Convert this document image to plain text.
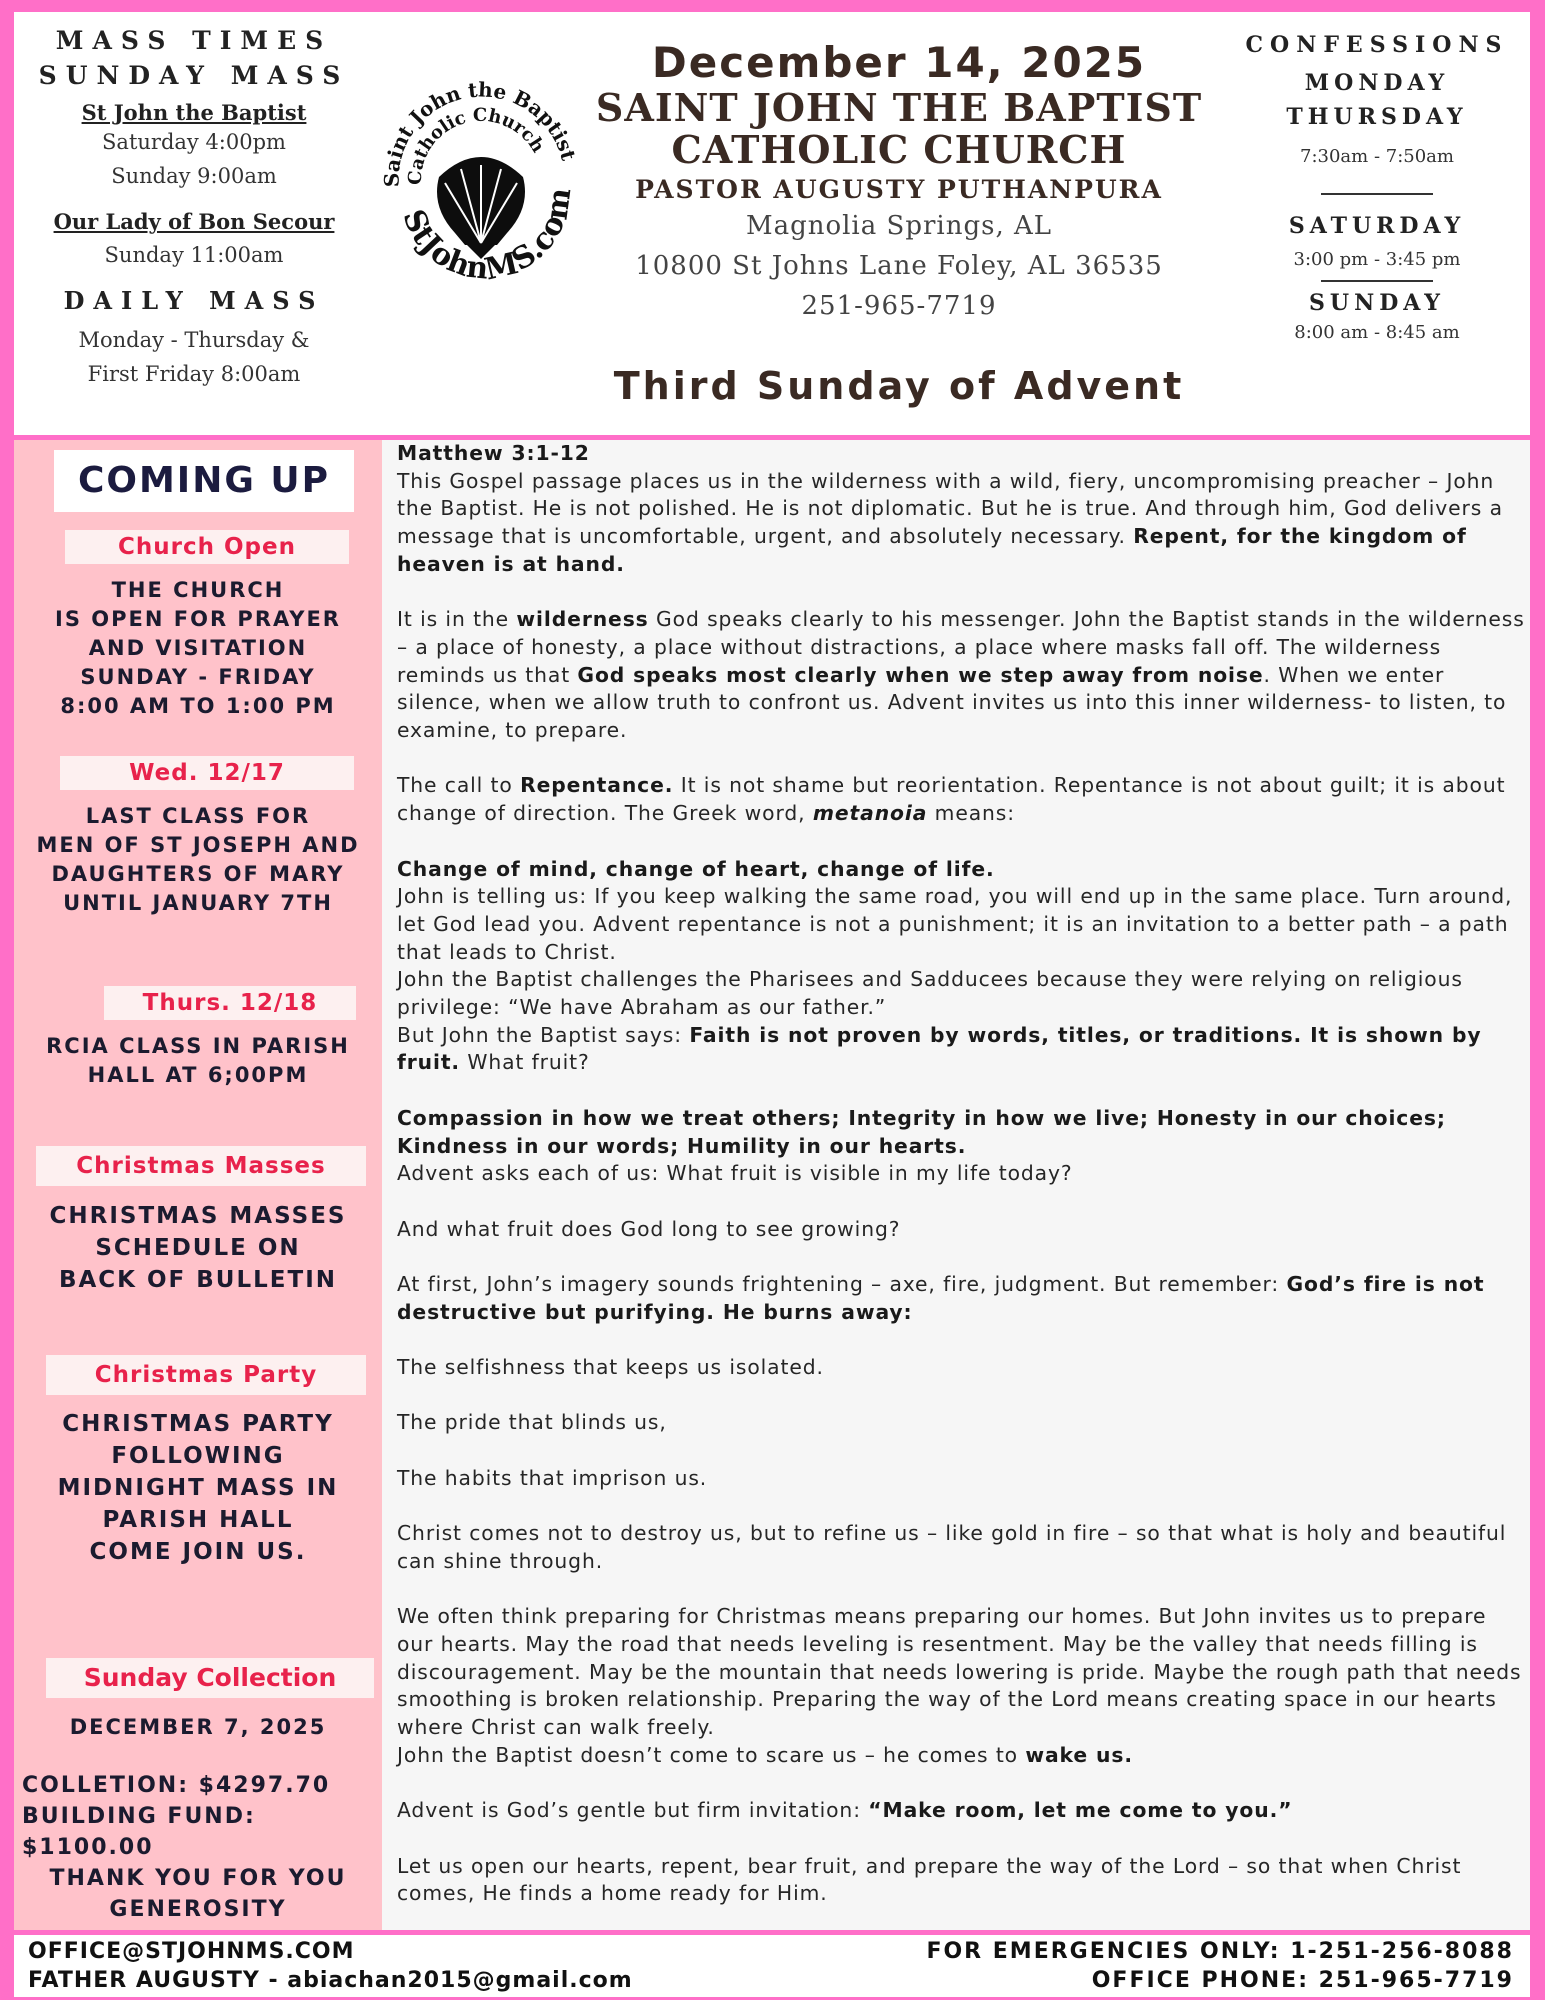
MASS TIMES
SUNDAY MASS
St John the Baptist
Saturday 4:00pm
Sunday 9:00am
Our Lady of Bon Secour
Sunday 11:00am
DAILY MASS
Monday - Thursday &
First Friday 8:00am
Saint John the Baptist
Catholic Church
StJohnMS.com
December 14, 2025
SAINT JOHN THE BAPTIST
CATHOLIC CHURCH
PASTOR AUGUSTY PUTHANPURA
Magnolia Springs, AL
10800 St Johns Lane Foley, AL 36535
251-965-7719
Third Sunday of Advent
CONFESSIONS
MONDAY
THURSDAY
7:30am - 7:50am
SATURDAY
3:00 pm - 3:45 pm
SUNDAY
8:00 am - 8:45 am
COMING UP
Church Open
THE CHURCH
IS OPEN FOR PRAYER
AND VISITATION
SUNDAY - FRIDAY
8:00 AM TO 1:00 PM
Wed. 12/17
LAST CLASS FOR
MEN OF ST JOSEPH AND
DAUGHTERS OF MARY
UNTIL JANUARY 7TH
Thurs. 12/18
RCIA CLASS IN PARISH
HALL AT 6;00PM
Christmas Masses
CHRISTMAS MASSES
SCHEDULE ON
BACK OF BULLETIN
Christmas Party
CHRISTMAS PARTY
FOLLOWING
MIDNIGHT MASS IN
PARISH HALL
COME JOIN US.
Sunday Collection
DECEMBER 7, 2025
COLLETION: $4297.70
BUILDING FUND: $1100.00
THANK YOU FOR YOU
GENEROSITY

Matthew 3:1-12

This Gospel passage places us in the wilderness with a wild, fiery, uncompromising preacher – John the Baptist. He is not polished. He is not diplomatic. But he is true. And through him, God delivers a message that is uncomfortable, urgent, and absolutely necessary. Repent, for the kingdom of heaven is at hand.

It is in the wilderness God speaks clearly to his messenger. John the Baptist stands in the wilderness – a place of honesty, a place without distractions, a place where masks fall off. The wilderness reminds us that God speaks most clearly when we step away from noise. When we enter silence, when we allow truth to confront us. Advent invites us into this inner wilderness- to listen, to examine, to prepare.

The call to Repentance. It is not shame but reorientation. Repentance is not about guilt; it is about change of direction. The Greek word, metanoia means:

Change of mind, change of heart, change of life.

John is telling us: If you keep walking the same road, you will end up in the same place. Turn around, let God lead you. Advent repentance is not a punishment; it is an invitation to a better path – a path that leads to Christ.

John the Baptist challenges the Pharisees and Sadducees because they were relying on religious privilege: “We have Abraham as our father.”

But John the Baptist says: Faith is not proven by words, titles, or traditions. It is shown by fruit. What fruit?

Compassion in how we treat others; Integrity in how we live; Honesty in our choices; Kindness in our words; Humility in our hearts.

Advent asks each of us: What fruit is visible in my life today?

And what fruit does God long to see growing?

At first, John’s imagery sounds frightening – axe, fire, judgment. But remember: God’s fire is not destructive but purifying. He burns away:

The selfishness that keeps us isolated.

The pride that blinds us,

The habits that imprison us.

Christ comes not to destroy us, but to refine us – like gold in fire – so that what is holy and beautiful can shine through.

We often think preparing for Christmas means preparing our homes. But John invites us to prepare our hearts. May the road that needs leveling is resentment. May be the valley that needs filling is discouragement. May be the mountain that needs lowering is pride. Maybe the rough path that needs smoothing is broken relationship. Preparing the way of the Lord means creating space in our hearts where Christ can walk freely.

John the Baptist doesn’t come to scare us – he comes to wake us.

Advent is God’s gentle but firm invitation: “Make room, let me come to you.”

Let us open our hearts, repent, bear fruit, and prepare the way of the Lord – so that when Christ comes, He finds a home ready for Him.

OFFICE@STJOHNMS.COM
FATHER AUGUSTY - abiachan2015@gmail.com
FOR EMERGENCIES ONLY: 1-251-256-8088
OFFICE PHONE: 251-965-7719
